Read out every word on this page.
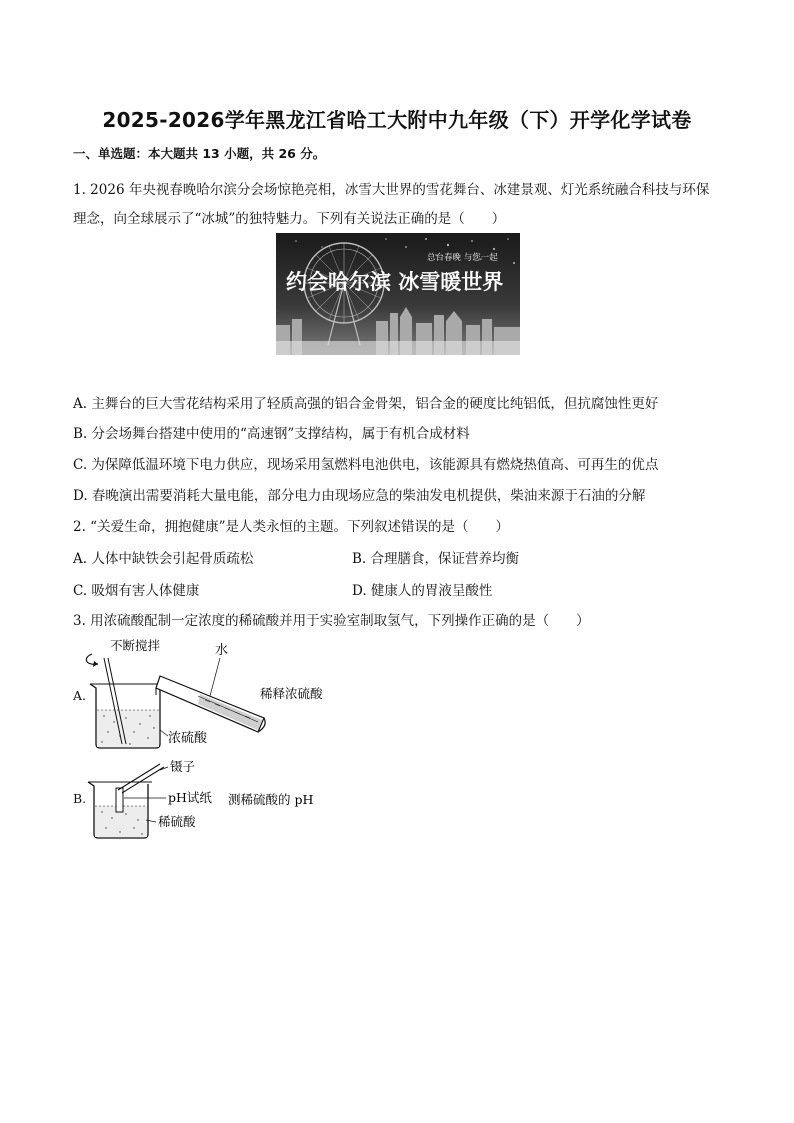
2025-2026学年黑龙江省哈工大附中九年级（下）开学化学试卷
一、单选题：本大题共 13 小题，共 26 分。
1. 2026 年央视春晚哈尔滨分会场惊艳亮相，冰雪大世界的雪花舞台、冰建景观、灯光系统融合科技与环保
理念，向全球展示了“冰城”的独特魅力。下列有关说法正确的是（　　）
总台春晚 与您一起
约会哈尔滨 冰雪暖世界
A. 主舞台的巨大雪花结构采用了轻质高强的铝合金骨架，铝合金的硬度比纯铝低，但抗腐蚀性更好
B. 分会场舞台搭建中使用的“高速钢”支撑结构，属于有机合成材料
C. 为保障低温环境下电力供应，现场采用氢燃料电池供电，该能源具有燃烧热值高、可再生的优点
D. 春晚演出需要消耗大量电能，部分电力由现场应急的柴油发电机提供，柴油来源于石油的分解
2. “关爱生命，拥抱健康”是人类永恒的主题。下列叙述错误的是（　　）
A. 人体中缺铁会引起骨质疏松	B. 合理膳食，保证营养均衡
C. 吸烟有害人体健康	D. 健康人的胃液呈酸性
3. 用浓硫酸配制一定浓度的稀硫酸并用于实验室制取氢气，下列操作正确的是（　　）
A.
不断搅拌	水
稀释浓硫酸
浓硫酸
B.
镊子
pH试纸 测稀硫酸的 pH
稀硫酸
